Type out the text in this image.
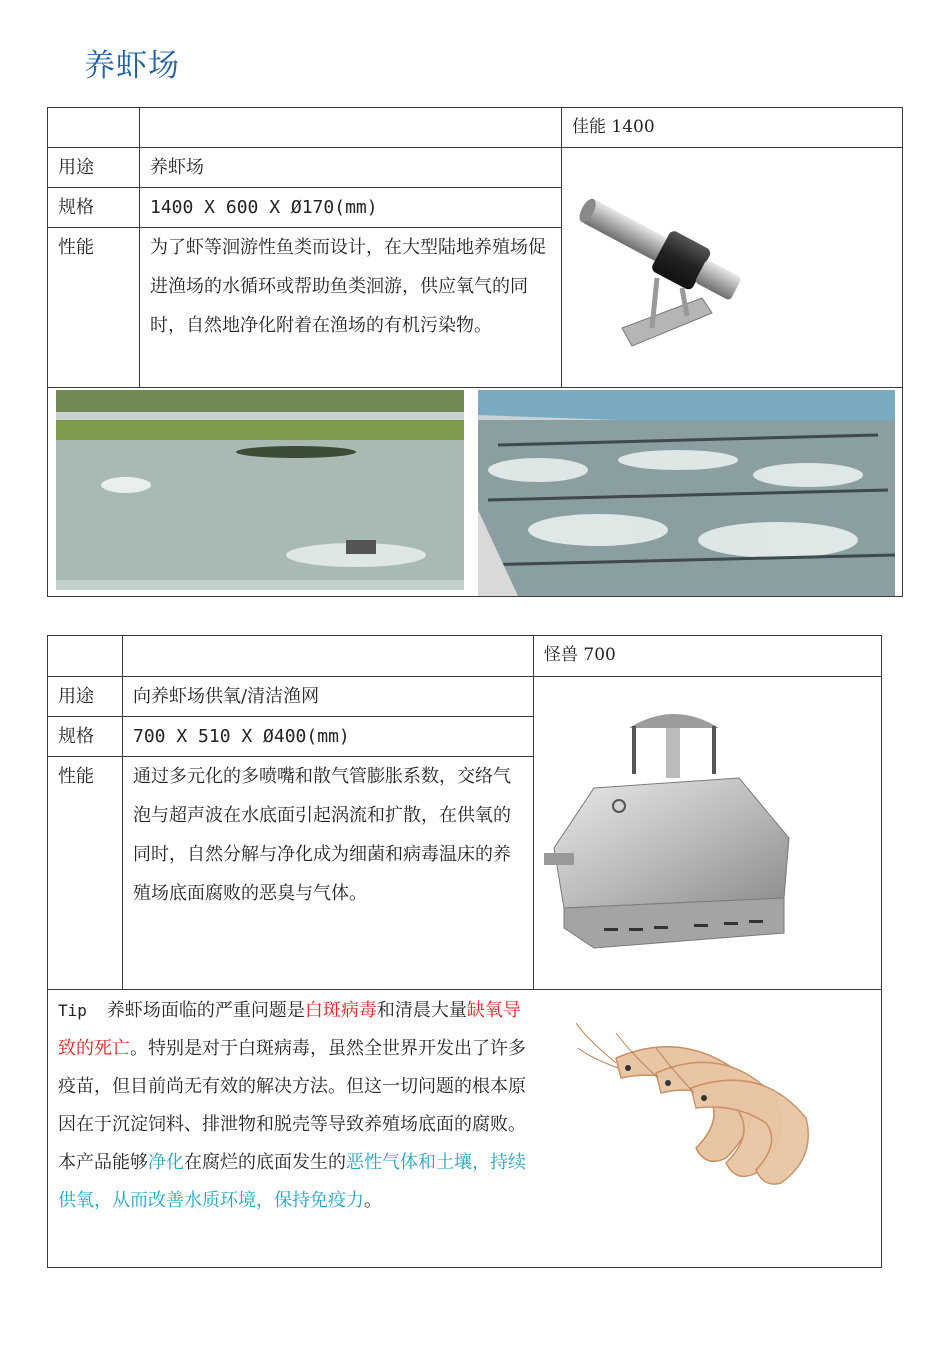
养虾场
		佳能 1400
用途	养虾场	

规格	1400 X 600 X Ø170(mm)	
性能	为了虾等洄游性鱼类而设计，在大型陆地养殖场促进渔场的水循环或帮助鱼类洄游，供应氧气的同时，自然地净化附着在渔场的有机污染物。	

		怪兽 700
用途	向养虾场供氧/清洁渔网	

规格	700 X 510 X Ø400(mm)	
性能	通过多元化的多喷嘴和散气管膨胀系数，交络气泡与超声波在水底面引起涡流和扩散，在供氧的同时，自然分解与净化成为细菌和病毒温床的养殖场底面腐败的恶臭与气体。	

Tip 养虾场面临的严重问题是白斑病毒和清晨大量缺氧导致的死亡。特别是对于白斑病毒，虽然全世界开发出了许多疫苗，但目前尚无有效的解决方法。但这一切问题的根本原因在于沉淀饲料、排泄物和脱壳等导致养殖场底面的腐败。本产品能够净化在腐烂的底面发生的恶性气体和土壤，持续供氧，从而改善水质环境，保持免疫力。		
